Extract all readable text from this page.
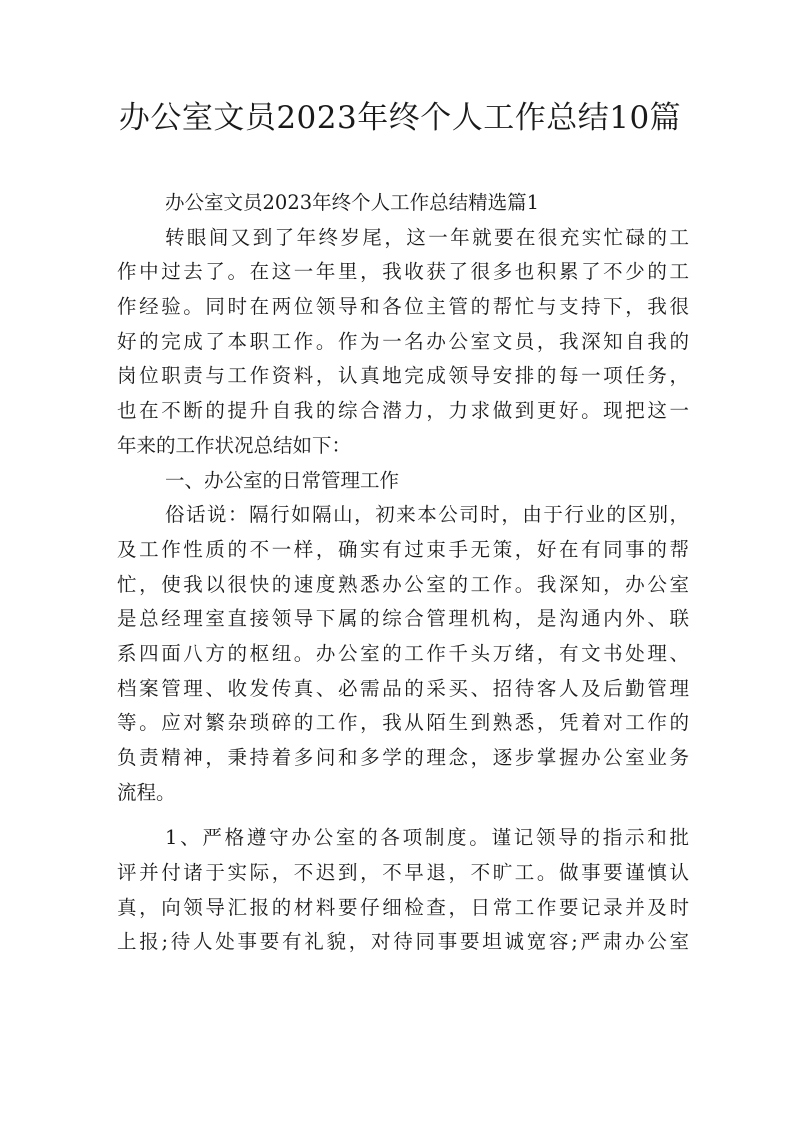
办公室文员2023年终个人工作总结10篇
办公室文员2023年终个人工作总结精选篇1
转眼间又到了年终岁尾，这一年就要在很充实忙碌的工
作中过去了。在这一年里，我收获了很多也积累了不少的工
作经验。同时在两位领导和各位主管的帮忙与支持下，我很
好的完成了本职工作。作为一名办公室文员，我深知自我的
岗位职责与工作资料，认真地完成领导安排的每一项任务，
也在不断的提升自我的综合潜力，力求做到更好。现把这一
年来的工作状况总结如下：
一、办公室的日常管理工作
俗话说：隔行如隔山，初来本公司时，由于行业的区别，
及工作性质的不一样，确实有过束手无策，好在有同事的帮
忙，使我以很快的速度熟悉办公室的工作。我深知，办公室
是总经理室直接领导下属的综合管理机构，是沟通内外、联
系四面八方的枢纽。办公室的工作千头万绪，有文书处理、
档案管理、收发传真、必需品的采买、招待客人及后勤管理
等。应对繁杂琐碎的工作，我从陌生到熟悉，凭着对工作的
负责精神，秉持着多问和多学的理念，逐步掌握办公室业务
流程。
1、严格遵守办公室的各项制度。谨记领导的指示和批
评并付诸于实际，不迟到，不早退，不旷工。做事要谨慎认
真，向领导汇报的材料要仔细检查，日常工作要记录并及时
上报;待人处事要有礼貌，对待同事要坦诚宽容;严肃办公室
